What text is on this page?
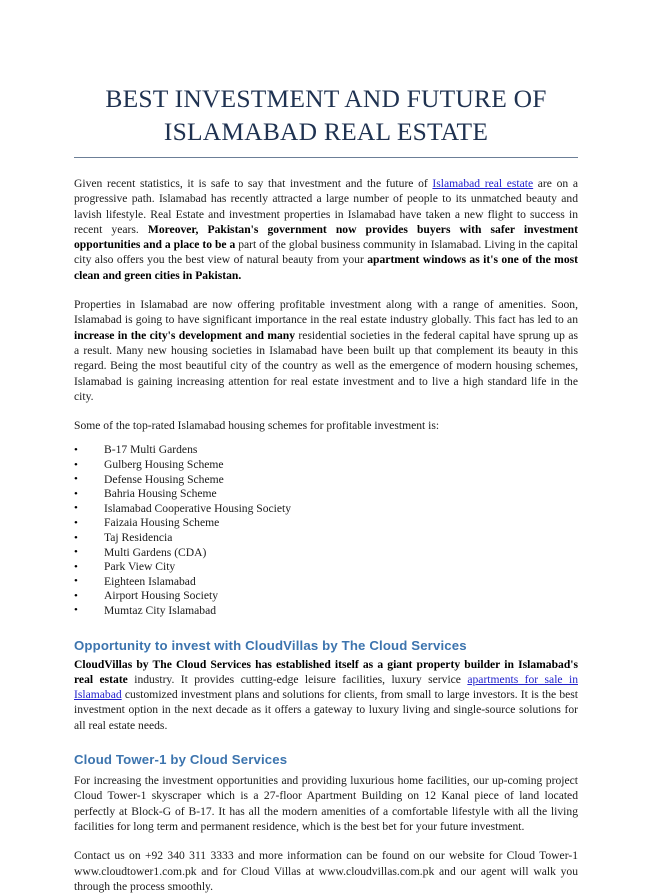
BEST INVESTMENT AND FUTURE OF ISLAMABAD REAL ESTATE

Given recent statistics, it is safe to say that investment and the future of Islamabad real estate are on a progressive path. Islamabad has recently attracted a large number of people to its unmatched beauty and lavish lifestyle. Real Estate and investment properties in Islamabad have taken a new flight to success in recent years. Moreover, Pakistan's government now provides buyers with safer investment opportunities and a place to be a part of the global business community in Islamabad. Living in the capital city also offers you the best view of natural beauty from your apartment windows as it's one of the most clean and green cities in Pakistan.

Properties in Islamabad are now offering profitable investment along with a range of amenities. Soon, Islamabad is going to have significant importance in the real estate industry globally. This fact has led to an increase in the city's development and many residential societies in the federal capital have sprung up as a result. Many new housing societies in Islamabad have been built up that complement its beauty in this regard. Being the most beautiful city of the country as well as the emergence of modern housing schemes, Islamabad is gaining increasing attention for real estate investment and to live a high standard life in the city.

Some of the top-rated Islamabad housing schemes for profitable investment is:

• B-17 Multi Gardens
• Gulberg Housing Scheme
• Defense Housing Scheme
• Bahria Housing Scheme
• Islamabad Cooperative Housing Society
• Faizaia Housing Scheme
• Taj Residencia
• Multi Gardens (CDA)
• Park View City
• Eighteen Islamabad
• Airport Housing Society
• Mumtaz City Islamabad
Opportunity to invest with CloudVillas by The Cloud Services

CloudVillas by The Cloud Services has established itself as a giant property builder in Islamabad's real estate industry. It provides cutting-edge leisure facilities, luxury service apartments for sale in Islamabad customized investment plans and solutions for clients, from small to large investors. It is the best investment option in the next decade as it offers a gateway to luxury living and single-source solutions for all real estate needs.

Cloud Tower-1 by Cloud Services

For increasing the investment opportunities and providing luxurious home facilities, our up-coming project Cloud Tower-1 skyscraper which is a 27-floor Apartment Building on 12 Kanal piece of land located perfectly at Block-G of B-17. It has all the modern amenities of a comfortable lifestyle with all the living facilities for long term and permanent residence, which is the best bet for your future investment.

Contact us on +92 340 311 3333 and more information can be found on our website for Cloud Tower-1 www.cloudtower1.com.pk and for Cloud Villas at www.cloudvillas.com.pk and our agent will walk you through the process smoothly.
